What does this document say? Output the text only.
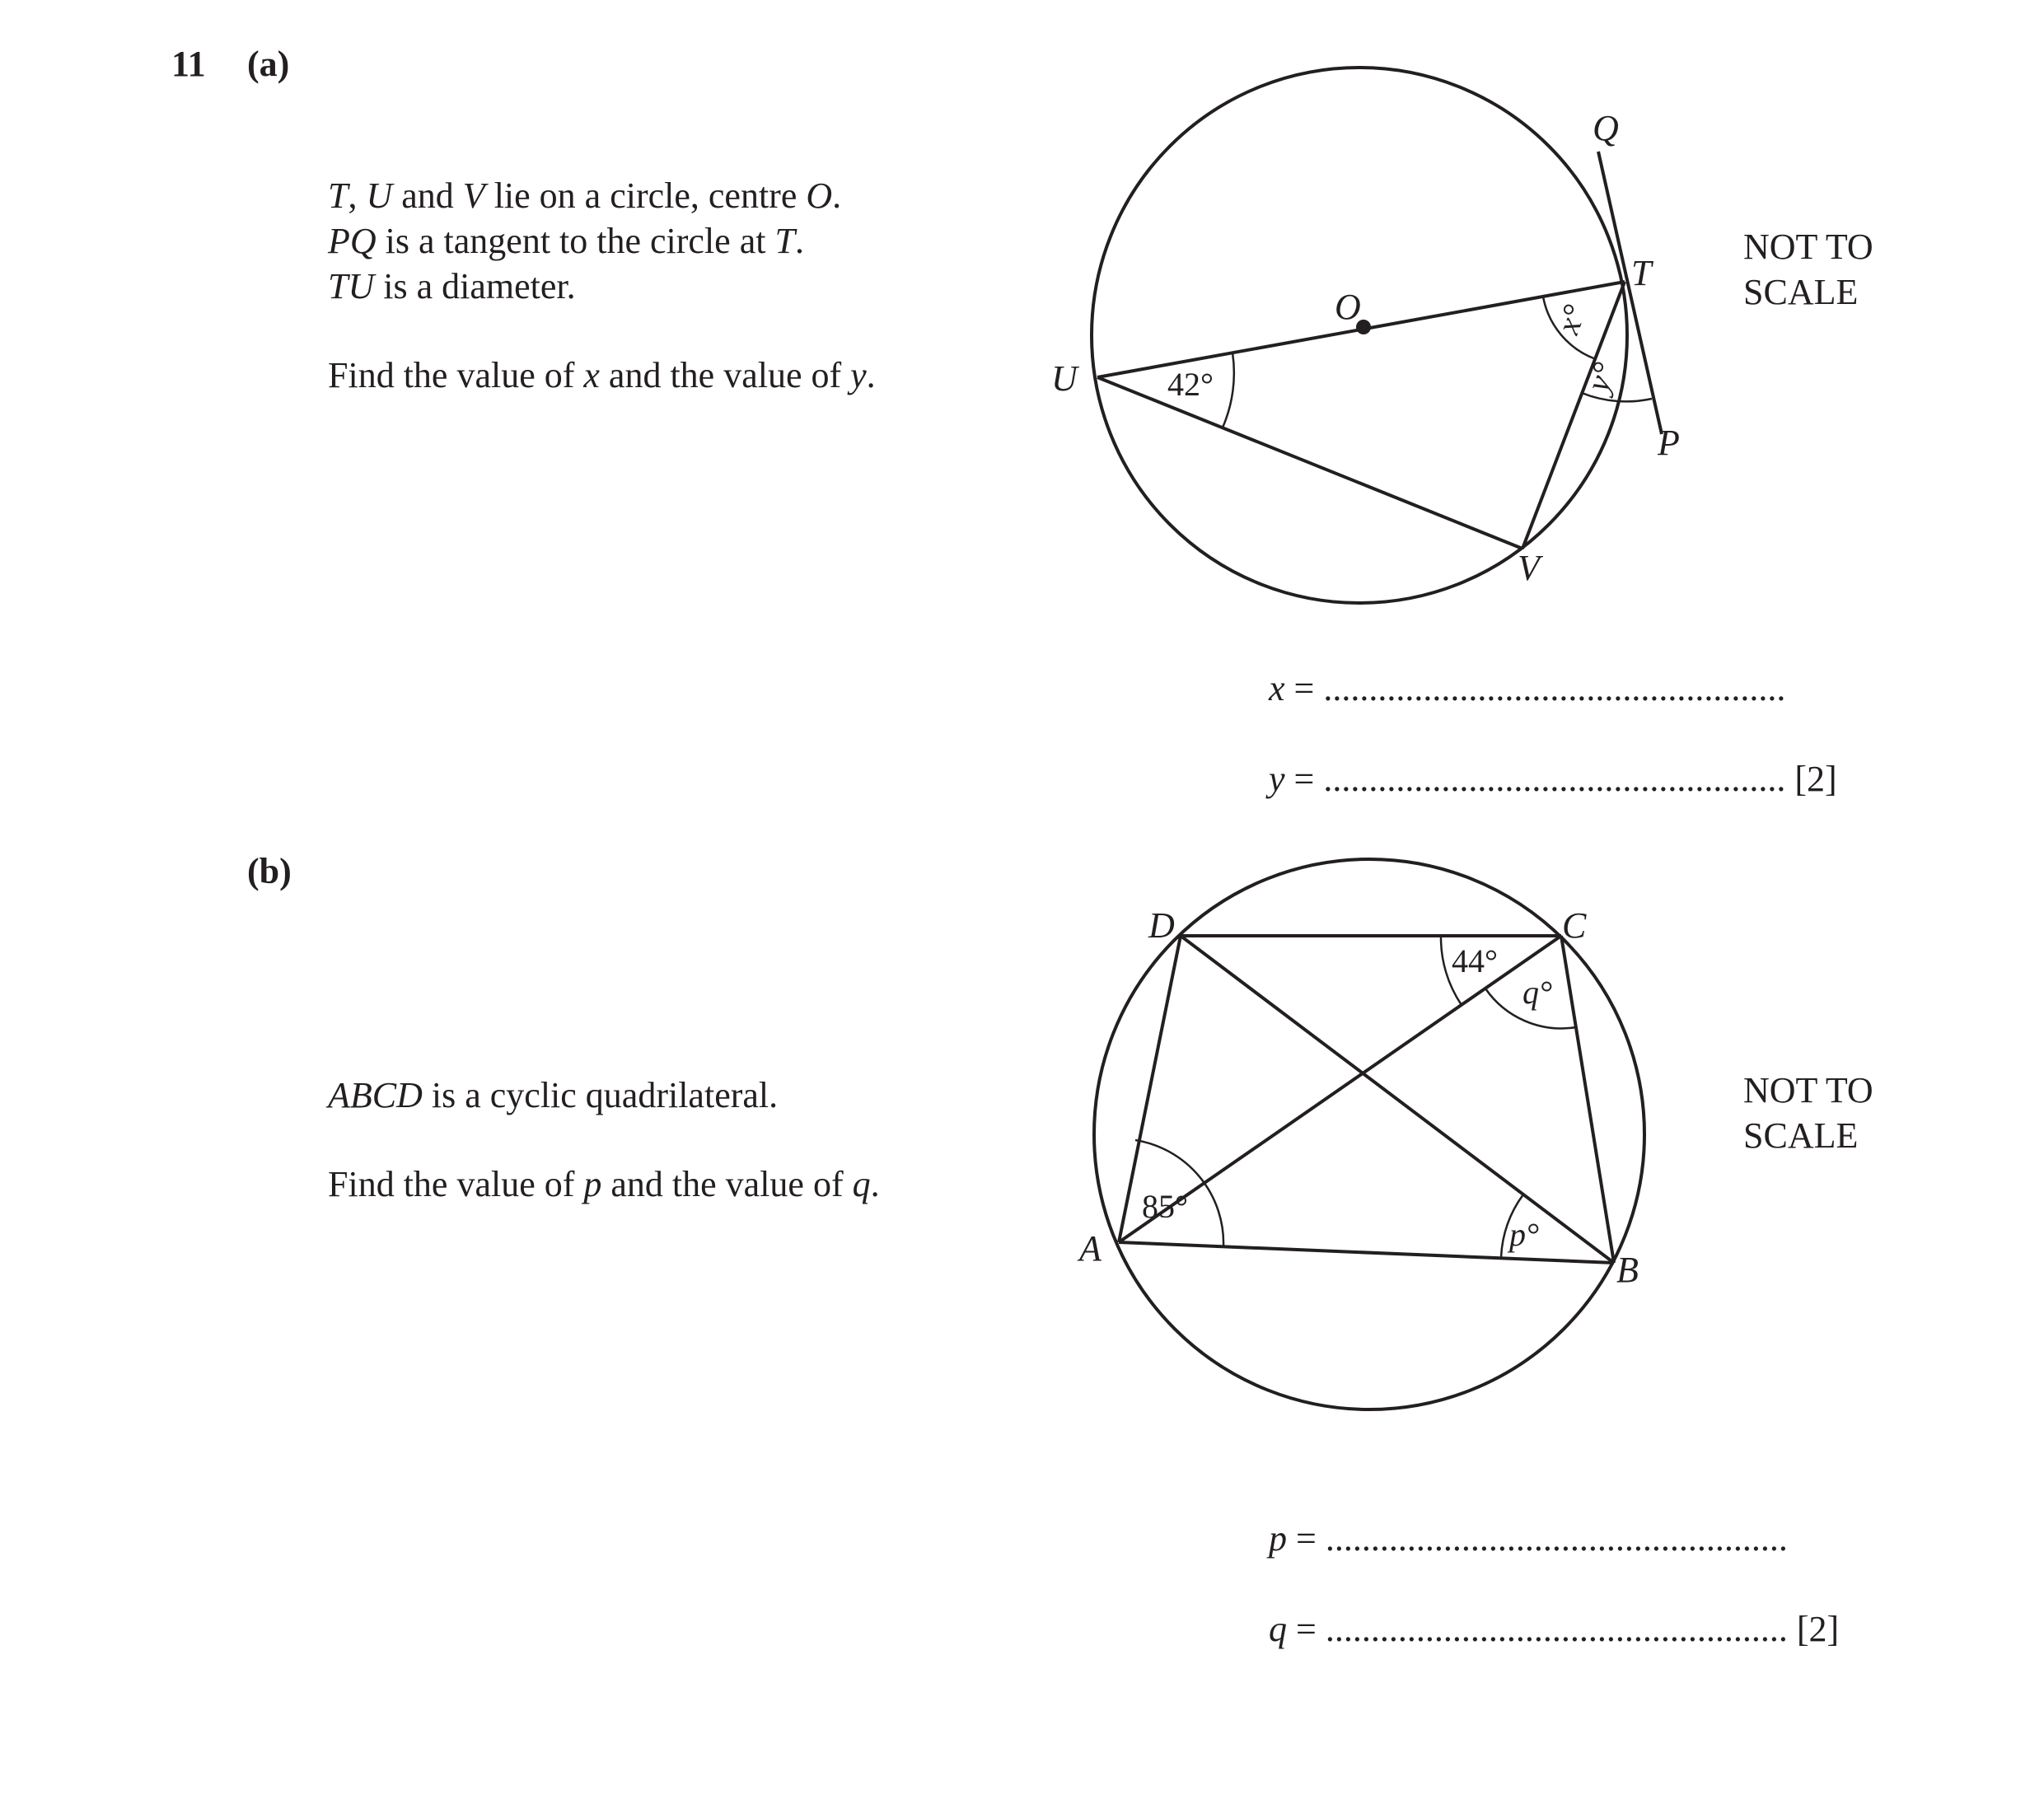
11 (a)
(b)
T, U and V lie on a circle, centre O.
PQ is a tangent to the circle at T.
TU is a diameter.
Find the value of x and the value of y.
NOT TO
SCALE
ABCD is a cyclic quadrilateral.
Find the value of p and the value of q.
NOT TO
SCALE
x = ...................................................
y = ................................................... [2]
p = ...................................................
q = ................................................... [2]
Q
T
O
U
P
V
42°
x°
y°
D	C
A
B
85°
44°
q°
p°
